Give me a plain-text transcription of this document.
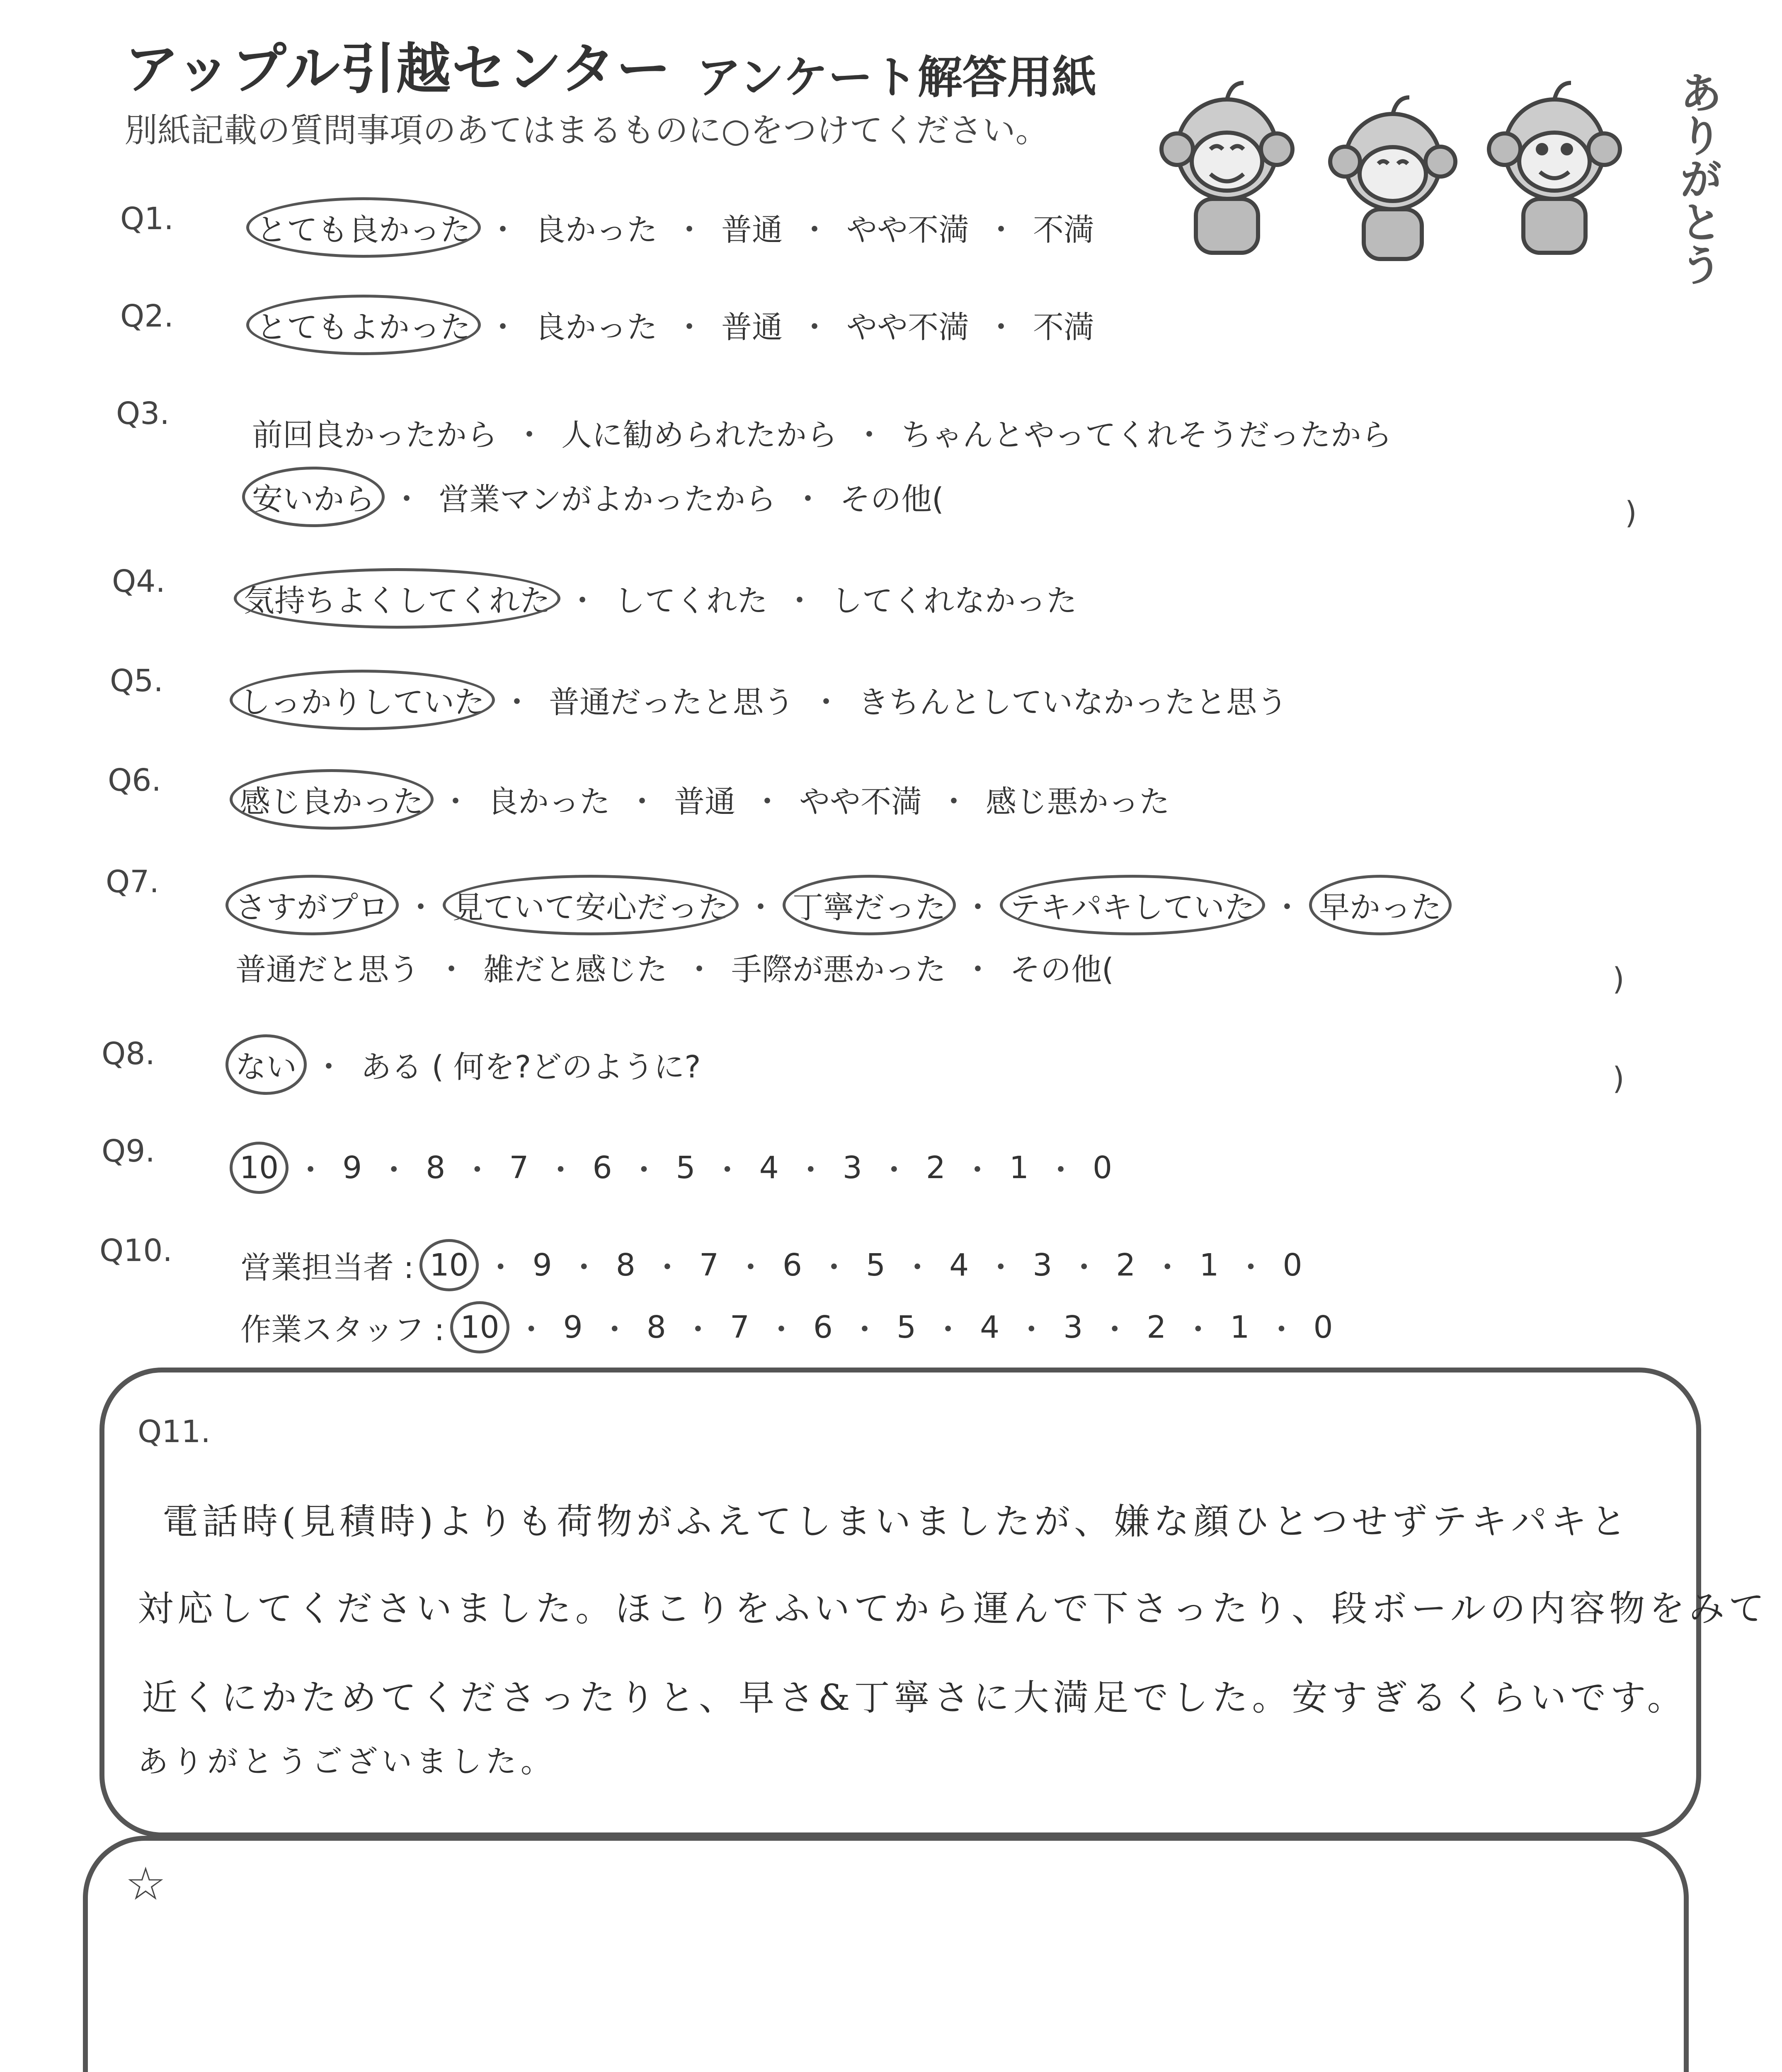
アップル引越センター アンケート解答用紙
別紙記載の質問事項のあてはまるものに○をつけてください。	ありがとう
Q1.	とても良かった ・ 良かった ・ 普通 ・ やや不満 ・ 不満
Q2.	とてもよかった ・ 良かった ・ 普通 ・ やや不満 ・ 不満
Q3.
前回良かったから ・ 人に勧められたから ・ ちゃんとやってくれそうだったから
安いから ・ 営業マンがよかったから ・ その他(	)
Q4.
気持ちよくしてくれた ・ してくれた ・ してくれなかった
Q5.
しっかりしていた ・ 普通だったと思う ・ きちんとしていなかったと思う
Q6.
感じ良かった ・ 良かった ・ 普通 ・ やや不満 ・ 感じ悪かった
Q7.
さすがプロ ・ 見ていて安心だった ・ 丁寧だった ・ テキパキしていた ・ 早かった
普通だと思う ・ 雑だと感じた ・ 手際が悪かった ・ その他(	)
Q8.	ない ・ ある ( 何を?どのように?	)
Q9.	10 ・ 9 ・ 8 ・ 7 ・ 6 ・ 5 ・ 4 ・ 3 ・ 2 ・ 1 ・ 0
Q10. 営業担当者 : 10 ・ 9 ・ 8 ・ 7 ・ 6 ・ 5 ・ 4 ・ 3 ・ 2 ・ 1 ・ 0
作業スタッフ : 10 ・ 9 ・ 8 ・ 7 ・ 6 ・ 5 ・ 4 ・ 3 ・ 2 ・ 1 ・ 0
Q11.
電話時(見積時)よりも荷物がふえてしまいましたが、嫌な顔ひとつせずテキパキと
対応してくださいました。ほこりをふいてから運んで下さったり、段ボールの内容物をみて
近くにかためてくださったりと、早さ&丁寧さに大満足でした。安すぎるくらいです。
ありがとうございました。
☆
